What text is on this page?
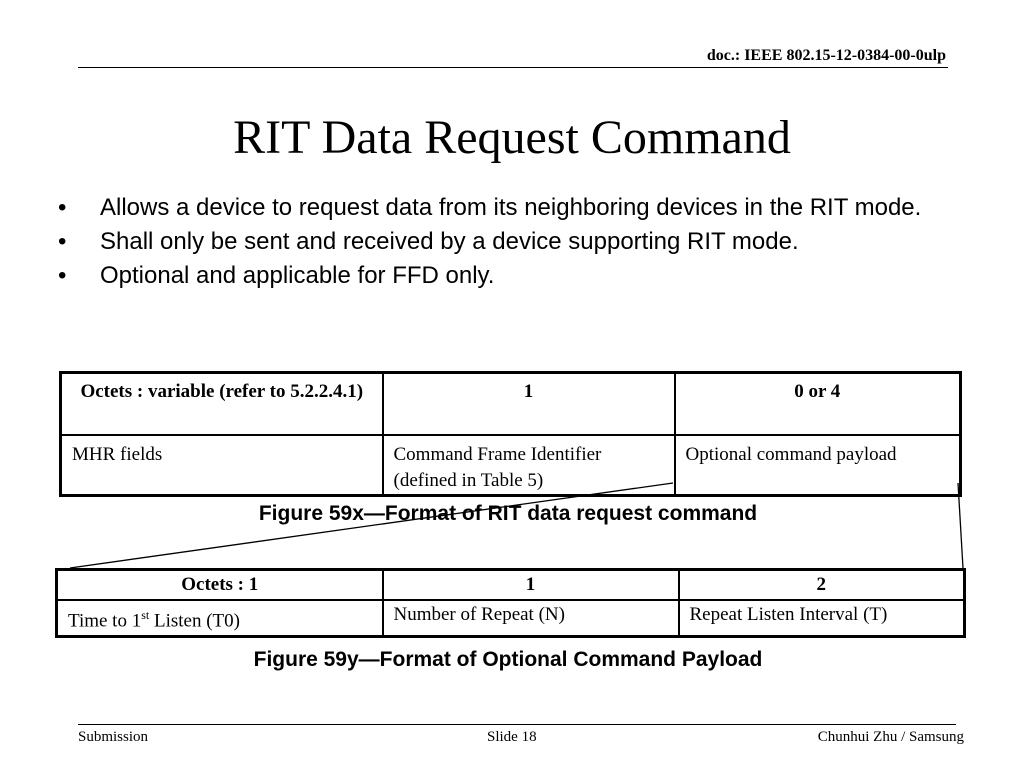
doc.: IEEE 802.15-12-0384-00-0ulp
RIT Data Request Command
• Allows a device to request data from its neighboring devices in the RIT mode.
• Shall only be sent and received by a device supporting RIT mode.
• Optional and applicable for FFD only.
Octets : variable (refer to 5.2.2.4.1)	1	0 or 4
MHR fields	Command Frame Identifier (defined in Table 5)	Optional command payload
Figure 59x—Format of RIT data request command
Octets : 1	1	2
Time to 1st Listen (T0)	Number of Repeat (N)	Repeat Listen Interval (T)
Figure 59y—Format of Optional Command Payload
Submission	Slide 18	Chunhui Zhu / Samsung
